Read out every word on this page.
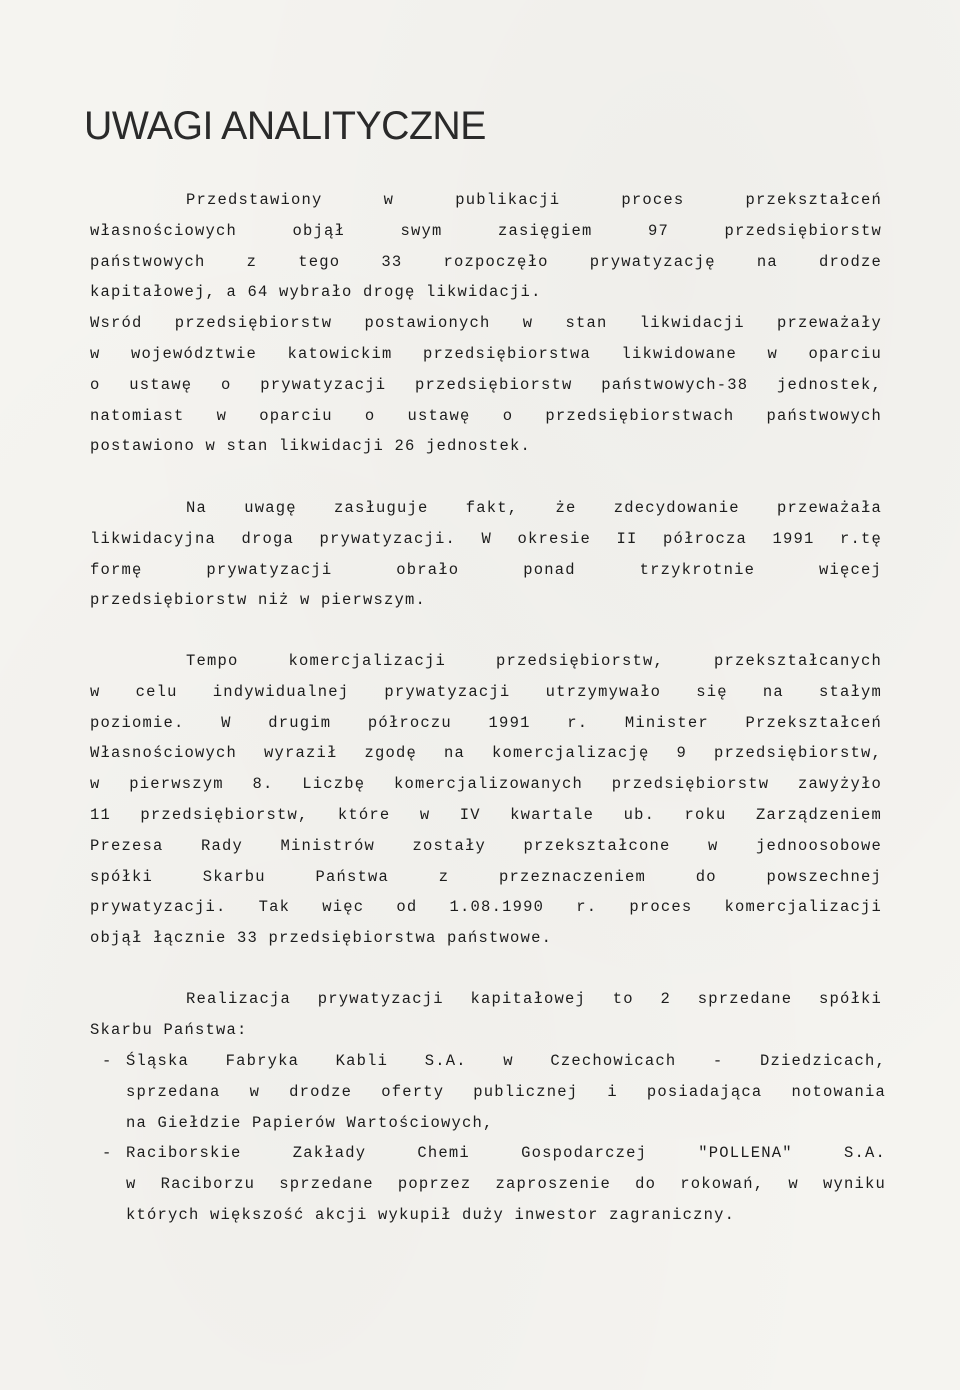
UWAGI ANALITYCZNE
Przedstawiony w publikacji proces przekształceń
własnościowych objął swym zasięgiem 97 przedsiębiorstw
państwowych z tego 33 rozpoczęło prywatyzację na drodze
kapitałowej, a 64 wybrało drogę likwidacji.
Wsród przedsiębiorstw postawionych w stan likwidacji przeważały
w województwie katowickim przedsiębiorstwa likwidowane w oparciu
o ustawę o prywatyzacji przedsiębiorstw państwowych-38 jednostek,
natomiast w oparciu o ustawę o przedsiębiorstwach państwowych
postawiono w stan likwidacji 26 jednostek.
Na uwagę zasługuje fakt, że zdecydowanie przeważała
likwidacyjna droga prywatyzacji. W okresie II półrocza 1991 r.tę
formę prywatyzacji obrało ponad trzykrotnie więcej
przedsiębiorstw niż w pierwszym.
Tempo komercjalizacji przedsiębiorstw, przekształcanych
w celu indywidualnej prywatyzacji utrzymywało się na stałym
poziomie. W drugim półroczu 1991 r. Minister Przekształceń
Własnościowych wyraził zgodę na komercjalizację 9 przedsiębiorstw,
w pierwszym 8. Liczbę komercjalizowanych przedsiębiorstw zawyżyło
11 przedsiębiorstw, które w IV kwartale ub. roku Zarządzeniem
Prezesa Rady Ministrów zostały przekształcone w jednoosobowe
spółki Skarbu Państwa z przeznaczeniem do powszechnej
prywatyzacji. Tak więc od 1.08.1990 r. proces komercjalizacji
objął łącznie 33 przedsiębiorstwa państwowe.
Realizacja prywatyzacji kapitałowej to 2 sprzedane spółki
Skarbu Państwa:
- Śląska Fabryka Kabli S.A. w Czechowicach - Dziedzicach,
sprzedana w drodze oferty publicznej i posiadająca notowania
na Giełdzie Papierów Wartościowych,
- Raciborskie Zakłady Chemi Gospodarczej "POLLENA" S.A.
w Raciborzu sprzedane poprzez zaproszenie do rokowań, w wyniku
których większość akcji wykupił duży inwestor zagraniczny.
